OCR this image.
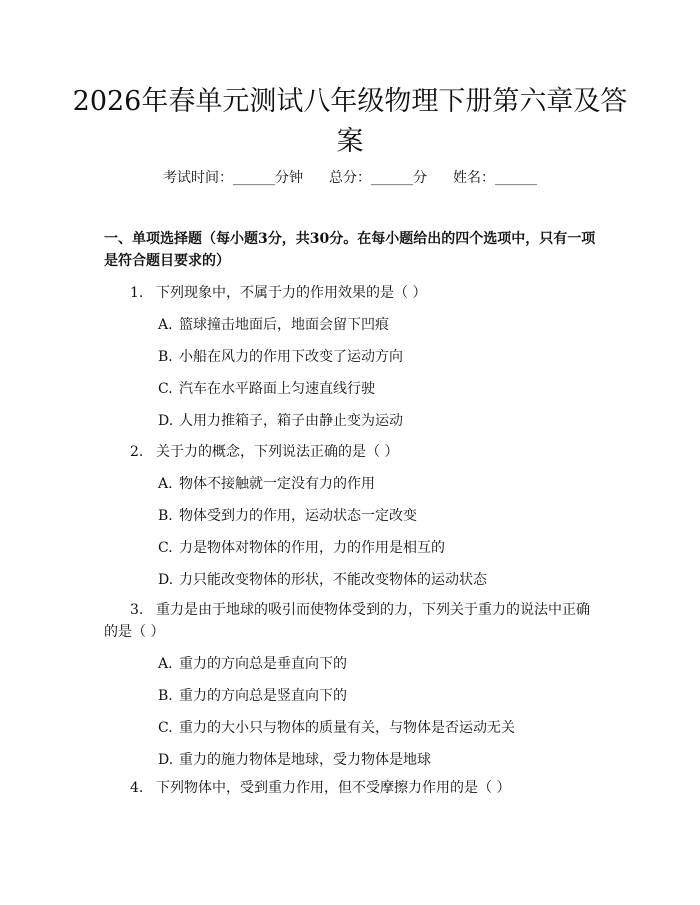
2026年春单元测试八年级物理下册第六章及答案
考试时间：______分钟 总分：______分 姓名：______

一、单项选择题（每小题3分，共30分。在每小题给出的四个选项中，只有一项是符合题目要求的）

1. 下列现象中，不属于力的作用效果的是（ ）
A. 篮球撞击地面后，地面会留下凹痕
B. 小船在风力的作用下改变了运动方向
C. 汽车在水平路面上匀速直线行驶
D. 人用力推箱子，箱子由静止变为运动
2. 关于力的概念，下列说法正确的是（ ）
A. 物体不接触就一定没有力的作用
B. 物体受到力的作用，运动状态一定改变
C. 力是物体对物体的作用，力的作用是相互的
D. 力只能改变物体的形状，不能改变物体的运动状态
3. 重力是由于地球的吸引而使物体受到的力，下列关于重力的说法中正确的是（ ）
A. 重力的方向总是垂直向下的
B. 重力的方向总是竖直向下的
C. 重力的大小只与物体的质量有关，与物体是否运动无关
D. 重力的施力物体是地球，受力物体是地球
4. 下列物体中，受到重力作用，但不受摩擦力作用的是（ ）
